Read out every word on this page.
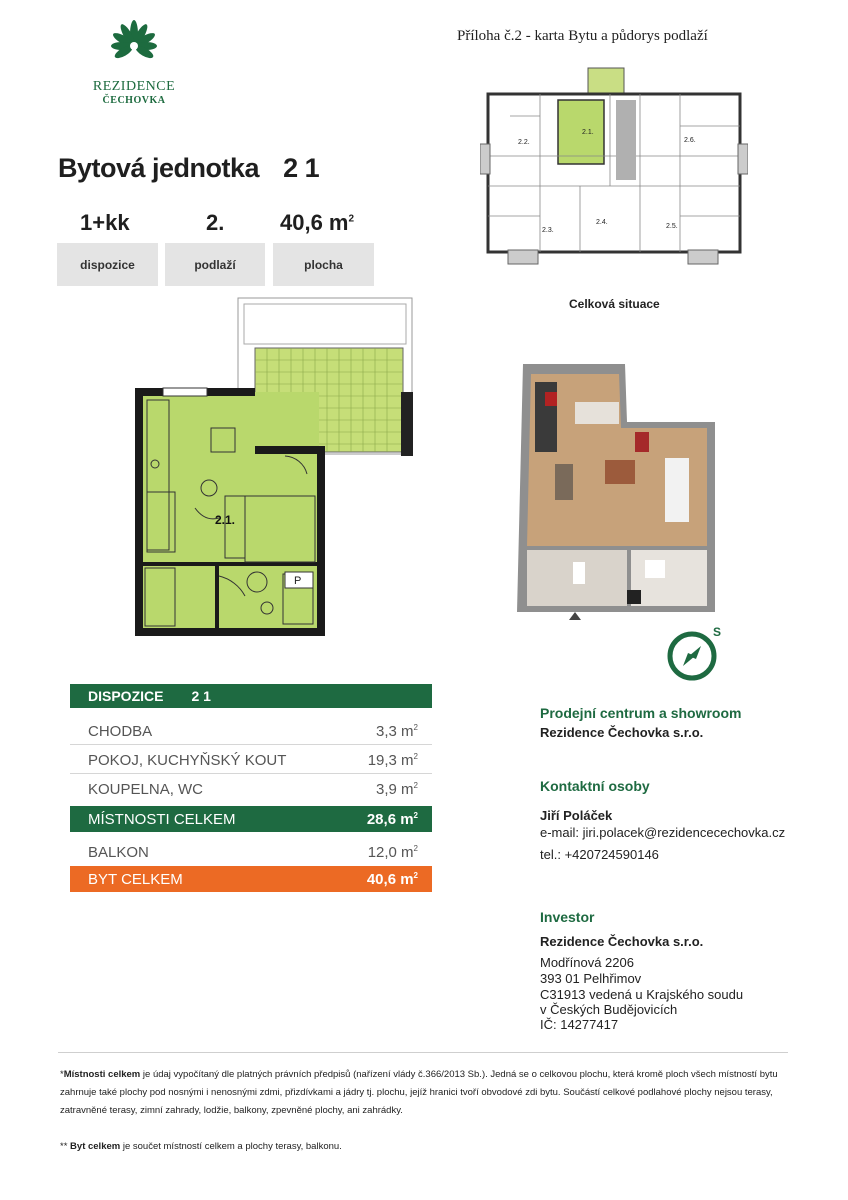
REZIDENCE
ČECHOVKA
Příloha č.2 - karta Bytu a půdorys podlaží
Bytová jednotka 2 1
1+kk	2.	40,6 $m^2$
dispozice	podlaží	plocha
2.1.
2.2.
2.3.
2.4.
2.5.
2.6.
Celková situace
P
2.1.
S
DISPOZICE 2 1
CHODBA	3,3 $m^2$
POKOJ, KUCHYŇSKÝ KOUT	19,3 $m^2$
KOUPELNA, WC	3,9 $m^2$
MÍSTNOSTI CELKEM	28,6 $m^2$
BALKON	12,0 $m^2$
BYT CELKEM	40,6 $m^2$
Prodejní centrum a showroom
Rezidence Čechovka s.r.o.
Kontaktní osoby
Jiří Poláček
e-mail: jiri.polacek@rezidencecechovka.cz
tel.: +420724590146
Investor
Rezidence Čechovka s.r.o.
Modřínová 2206
393 01 Pelhřimov
C31913 vedená u Krajského soudu
v Českých Budějovicích
IČ: 14277417
*Místnosti celkem je údaj vypočítaný dle platných právních předpisů (nařízení vlády č.366/2013 Sb.). Jedná se o celkovou plochu, která kromě ploch všech místností bytu zahrnuje také plochy pod nosnými i nenosnými zdmi, přizdívkami a jádry tj. plochu, jejíž hranici tvoří obvodové zdi bytu. Součástí celkové podlahové plochy nejsou terasy, zatravněné terasy, zimní zahrady, lodžie, balkony, zpevněné plochy, ani zahrádky.
** Byt celkem je součet místností celkem a plochy terasy, balkonu.
